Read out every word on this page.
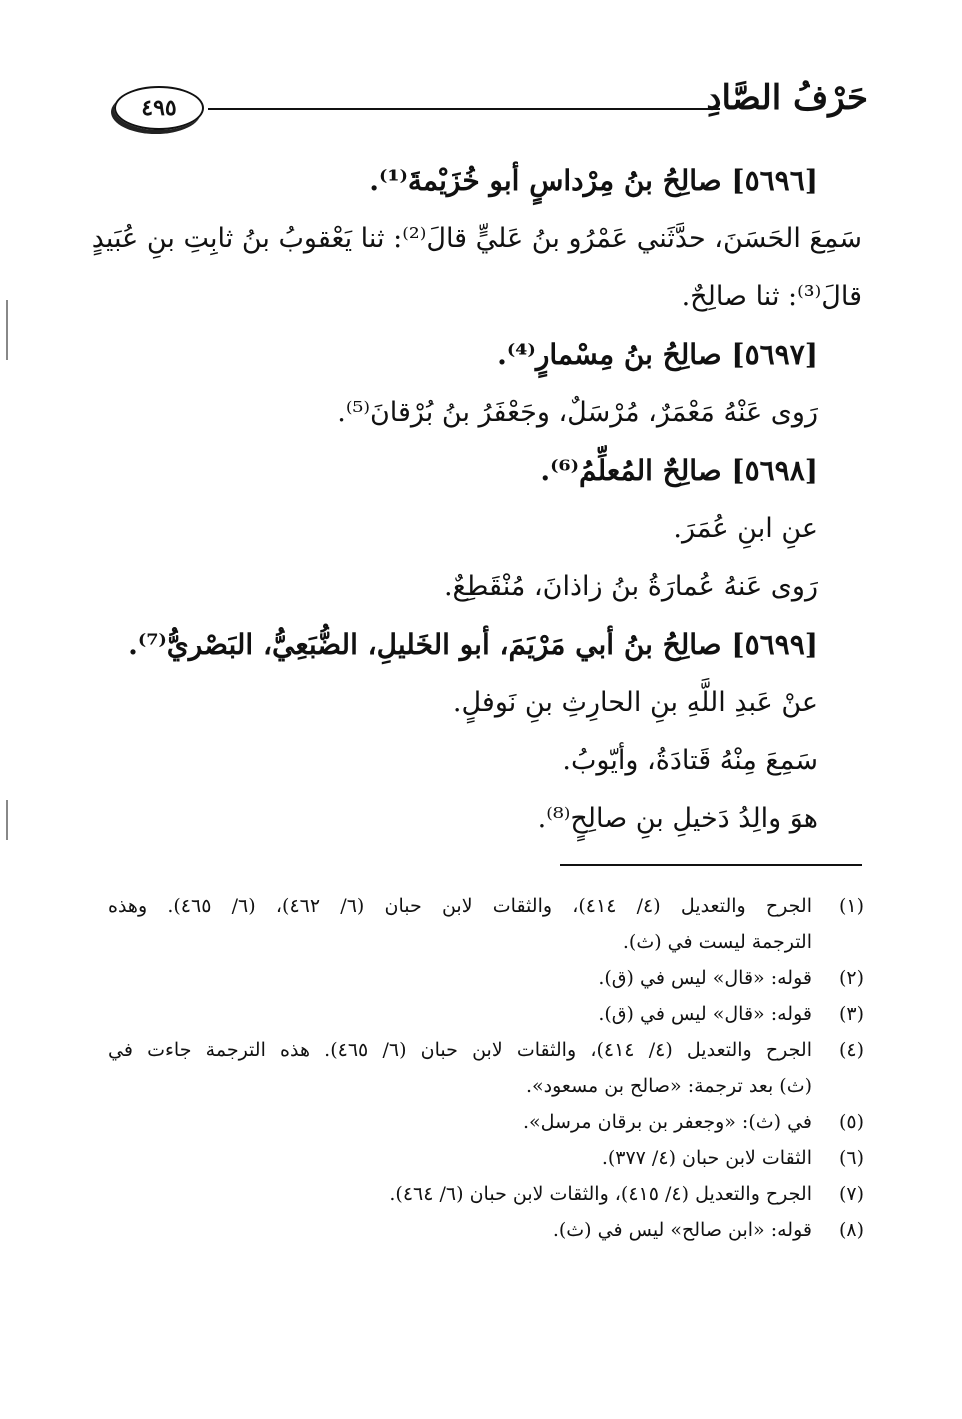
٤٩٥	حَرْفُ الصَّادِ
[٥٦٩٦] صالِحُ بنُ مِرْداسٍ أبو خُزَيْمةَ⁽¹⁾.
سَمِعَ الحَسَنَ، حدَّثَني عَمْرُو بنُ عَليٍّ قالَ⁽²⁾: ثنا يَعْقوبُ بنُ ثابِتِ بنِ عُبَيدٍ
قالَ⁽³⁾: ثنا صالِحٌ.
[٥٦٩٧] صالِحُ بنُ مِسْمارٍ⁽⁴⁾.
رَوى عَنْهُ مَعْمَرٌ، مُرْسَلٌ، وجَعْفَرُ بنُ بُرْقانَ⁽⁵⁾.
[٥٦٩٨] صالِحٌ المُعلِّمُ⁽⁶⁾.
عنِ ابنِ عُمَرَ.
رَوى عَنهُ عُمارَةُ بنُ زاذانَ، مُنْقَطِعٌ.
[٥٦٩٩] صالِحُ بنُ أبي مَرْيَمَ، أبو الخَليلِ، الضُّبَعِيُّ، البَصْريُّ⁽⁷⁾.
عنْ عَبدِ اللَّهِ بنِ الحارِثِ بنِ نَوفلٍ.
سَمِعَ مِنْهُ قَتادَةُ، وأيّوبُ.
هوَ والِدُ دَخيلِ بنِ صالِحٍ⁽⁸⁾.
(١)
الجرح والتعديل (٤/ ٤١٤)، والثقات لابن حبان (٦/ ٤٦٢)، (٦/ ٤٦٥). وهذه
الترجمة ليست في (ث).
(٢)
قوله: «قال» ليس في (ق).
(٣)
قوله: «قال» ليس في (ق).
(٤)
الجرح والتعديل (٤/ ٤١٤)، والثقات لابن حبان (٦/ ٤٦٥). هذه الترجمة جاءت في
(ث) بعد ترجمة: «صالح بن مسعود».
(٥)
في (ث): «وجعفر بن برقان مرسل».
(٦)
الثقات لابن حبان (٤/ ٣٧٧).
(٧)
الجرح والتعديل (٤/ ٤١٥)، والثقات لابن حبان (٦/ ٤٦٤).
(٨)
قوله: «ابن صالح» ليس في (ث).
